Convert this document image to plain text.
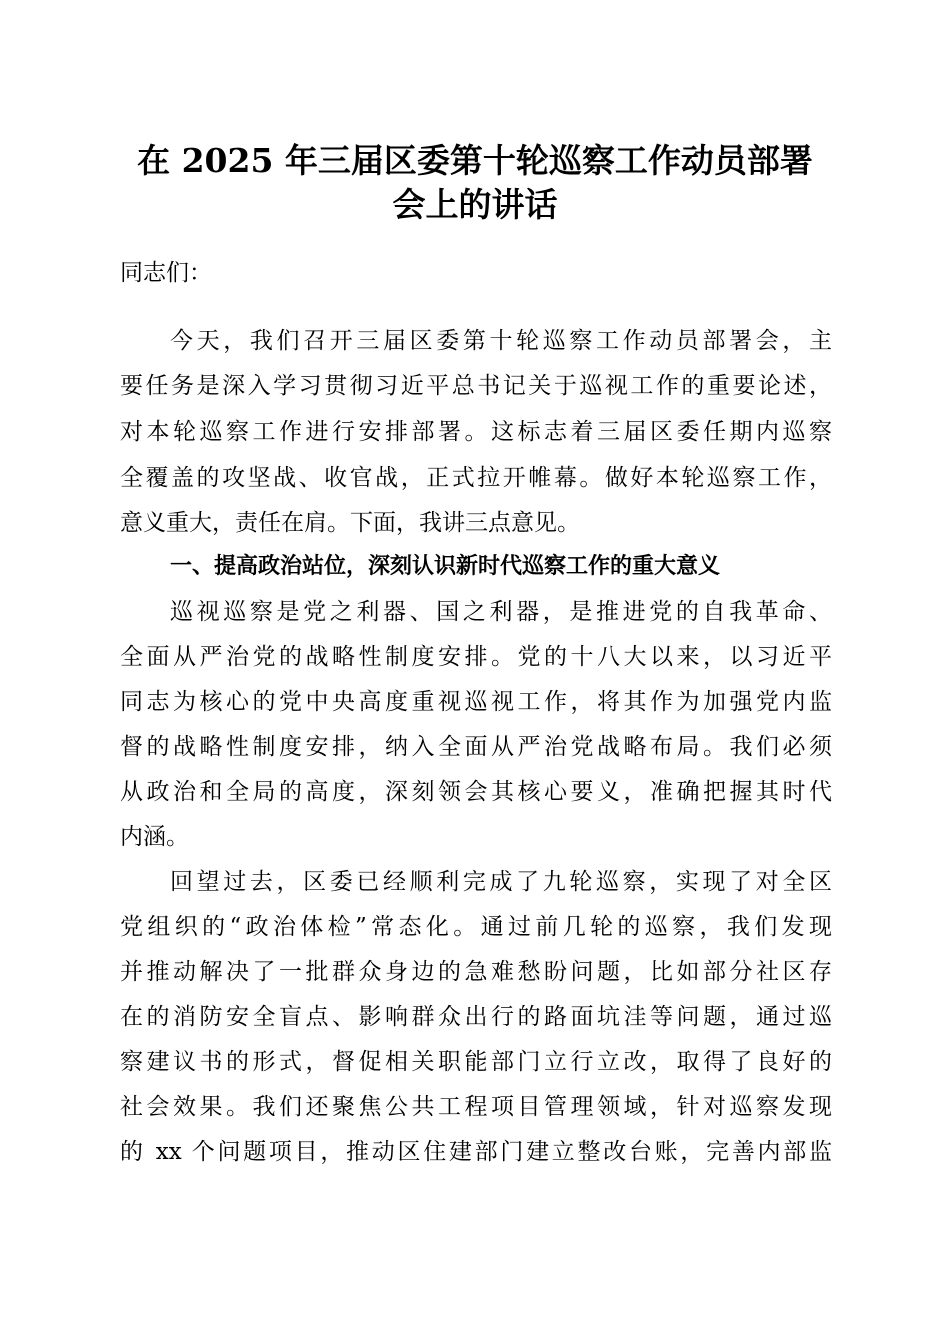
在 2025 年三届区委第十轮巡察工作动员部署
会上的讲话
同志们：
今天，我们召开三届区委第十轮巡察工作动员部署会，主
要任务是深入学习贯彻习近平总书记关于巡视工作的重要论述，
对本轮巡察工作进行安排部署。这标志着三届区委任期内巡察
全覆盖的攻坚战、收官战，正式拉开帷幕。做好本轮巡察工作，
意义重大，责任在肩。下面，我讲三点意见。
一、提高政治站位，深刻认识新时代巡察工作的重大意义
巡视巡察是党之利器、国之利器，是推进党的自我革命、
全面从严治党的战略性制度安排。党的十八大以来，以习近平
同志为核心的党中央高度重视巡视工作，将其作为加强党内监
督的战略性制度安排，纳入全面从严治党战略布局。我们必须
从政治和全局的高度，深刻领会其核心要义，准确把握其时代
内涵。
回望过去，区委已经顺利完成了九轮巡察，实现了对全区
党组织的“政治体检”常态化。通过前几轮的巡察，我们发现
并推动解决了一批群众身边的急难愁盼问题，比如部分社区存
在的消防安全盲点、影响群众出行的路面坑洼等问题，通过巡
察建议书的形式，督促相关职能部门立行立改，取得了良好的
社会效果。我们还聚焦公共工程项目管理领域，针对巡察发现
的 xx 个问题项目，推动区住建部门建立整改台账，完善内部监
